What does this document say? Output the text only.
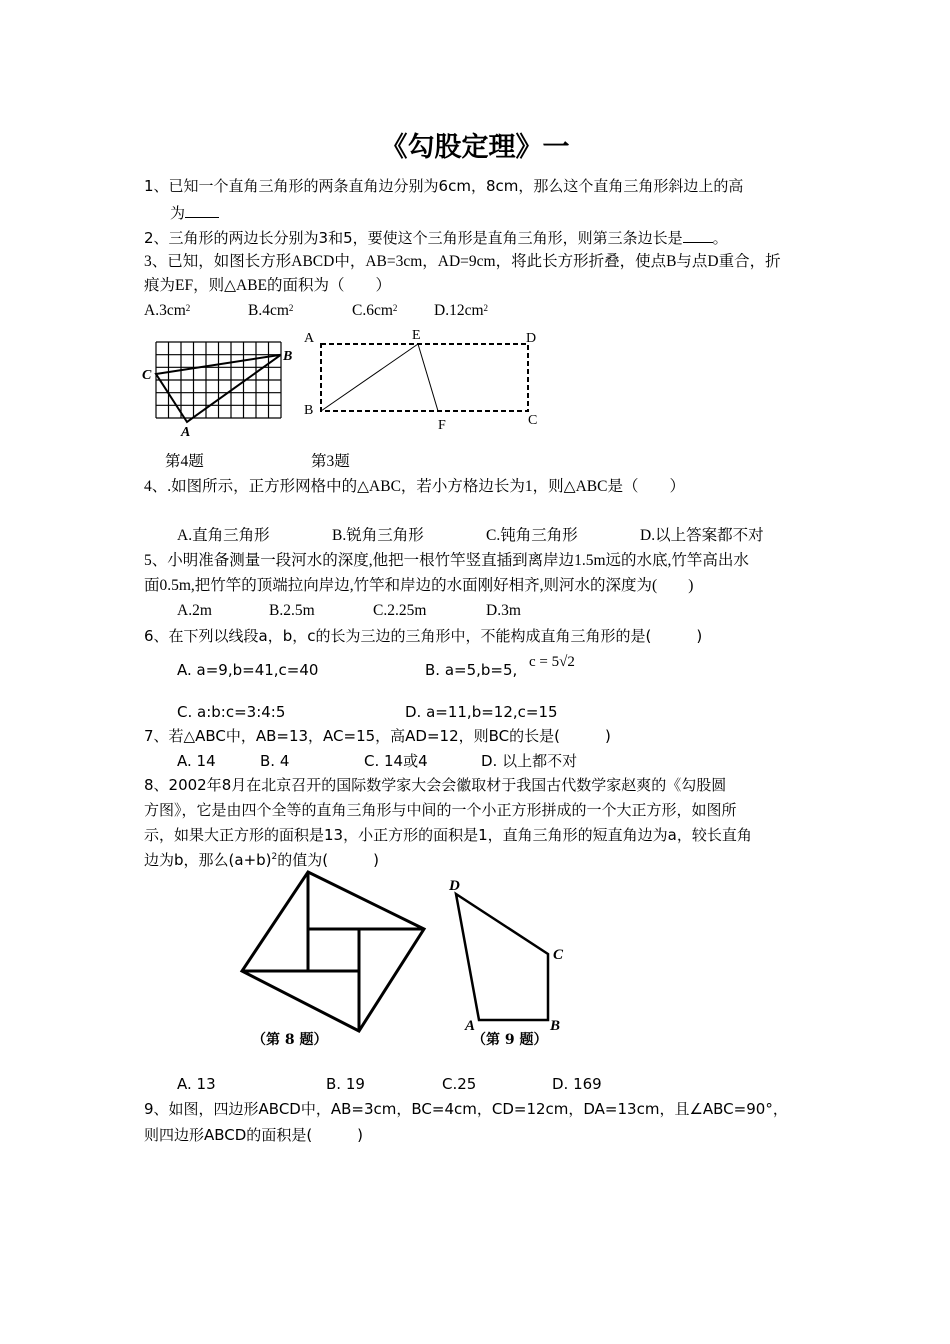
《勾股定理》一
1、已知一个直角三角形的两条直角边分别为6cm，8cm，那么这个直角三角形斜边上的高
为
2、三角形的两边长分别为3和5，要使这个三角形是直角三角形，则第三条边长是 。
3、已知，如图长方形ABCD中，AB=3cm，AD=9cm，将此长方形折叠，使点B与点D重合，折
痕为EF，则△ABE的面积为（　　）
$A.3cm^2$	$B.4cm^2$	$C.6cm^2$ $D.12cm^2$
C
B
A
A	E	D
B
F	C
第4题	第3题
4、.如图所示，正方形网格中的△ABC，若小方格边长为1，则△ABC是（　　）
A.直角三角形	B.锐角三角形	C.钝角三角形	D.以上答案都不对
5、小明准备测量一段河水的深度,他把一根竹竿竖直插到离岸边1.5m远的水底,竹竿高出水
面0.5m,把竹竿的顶端拉向岸边,竹竿和岸边的水面刚好相齐,则河水的深度为(　　)
A.2m	B.2.5m	C.2.25m	D.3m
6、在下列以线段a，b，c的长为三边的三角形中，不能构成直角三角形的是(　　　)
A. a=9,b=41,c=40	B. a=5,b=5, c = 5√2
C. a:b:c=3:4:5	D. a=11,b=12,c=15
7、若△ABC中，AB=13，AC=15，高AD=12，则BC的长是(　　　)
A. 14	B. 4	C. 14或4	D. 以上都不对
8、2002年8月在北京召开的国际数学家大会会徽取材于我国古代数学家赵爽的《勾股圆
方图》，它是由四个全等的直角三角形与中间的一个小正方形拼成的一个大正方形，如图所
示，如果大正方形的面积是13，小正方形的面积是1，直角三角形的短直角边为a，较长直角
边为b，那么$(a+b)^2$的值为(　　　)
（第 8 题）
D
C
A	B
（第 9 题）
A. 13	B. 19	C.25	D. 169
9、如图，四边形ABCD中，AB=3cm，BC=4cm，CD=12cm，DA=13cm，且∠ABC=90°，
则四边形ABCD的面积是(　　　)
